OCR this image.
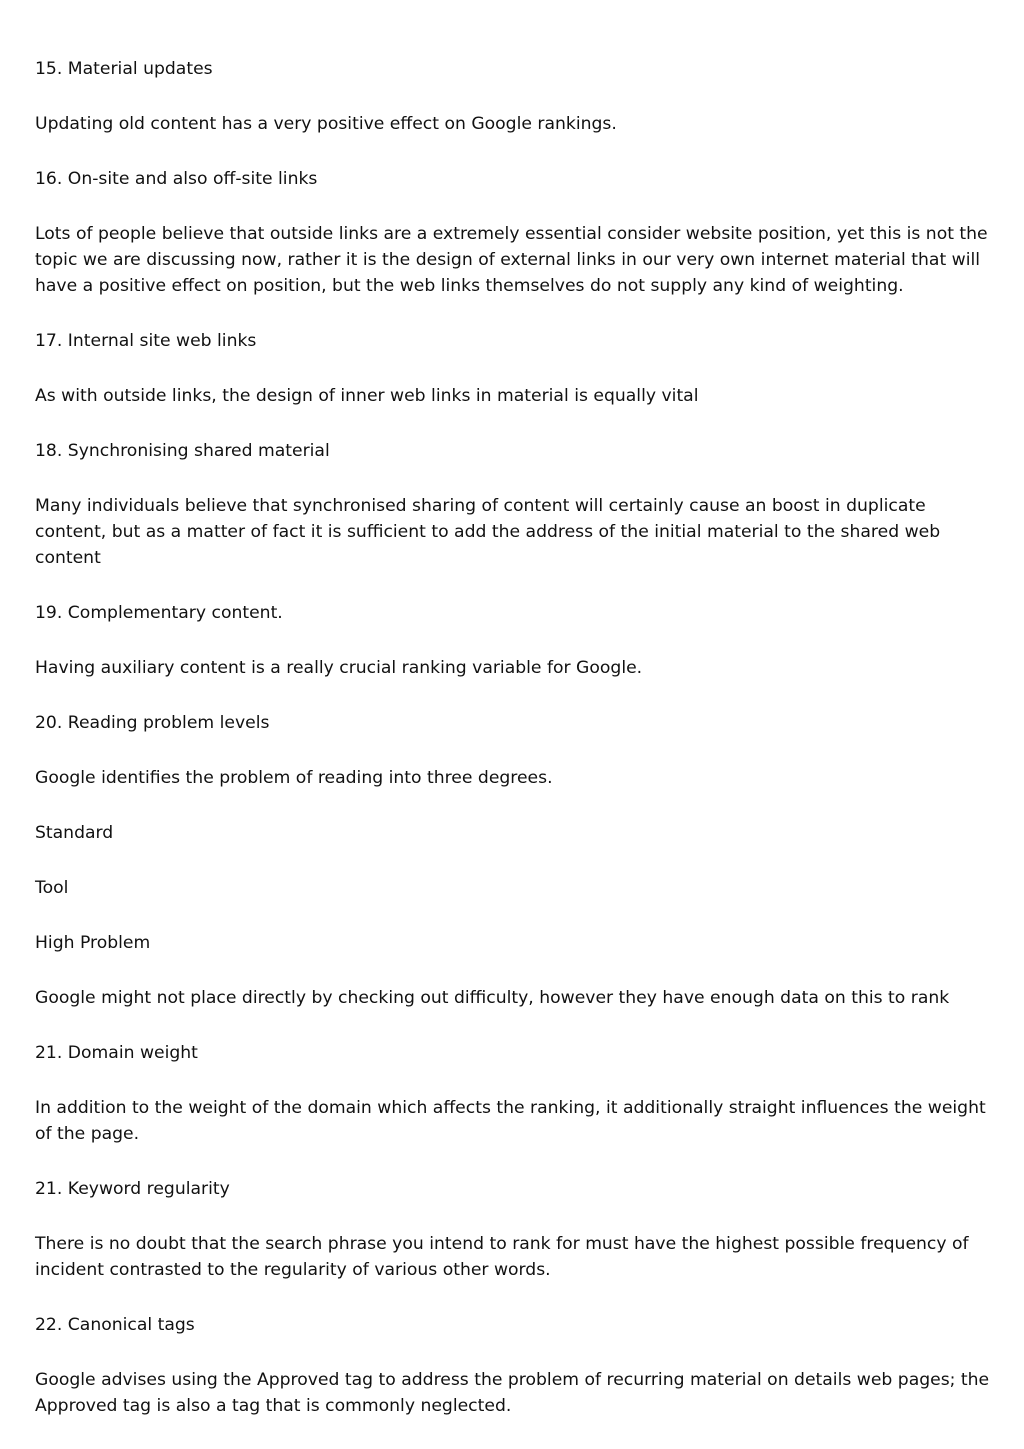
15. Material updates

Updating old content has a very positive effect on Google rankings.

16. On-site and also off-site links

Lots of people believe that outside links are a extremely essential consider website position, yet this is not the topic we are discussing now, rather it is the design of external links in our very own internet material that will have a positive effect on position, but the web links themselves do not supply any kind of weighting.

17. Internal site web links

As with outside links, the design of inner web links in material is equally vital

18. Synchronising shared material

Many individuals believe that synchronised sharing of content will certainly cause an boost in duplicate content, but as a matter of fact it is sufficient to add the address of the initial material to the shared web content

19. Complementary content.

Having auxiliary content is a really crucial ranking variable for Google.

20. Reading problem levels

Google identifies the problem of reading into three degrees.

Standard

Tool

High Problem

Google might not place directly by checking out difficulty, however they have enough data on this to rank

21. Domain weight

In addition to the weight of the domain which affects the ranking, it additionally straight influences the weight of the page.

21. Keyword regularity

There is no doubt that the search phrase you intend to rank for must have the highest possible frequency of incident contrasted to the regularity of various other words.

22. Canonical tags

Google advises using the Approved tag to address the problem of recurring material on details web pages; the Approved tag is also a tag that is commonly neglected.
